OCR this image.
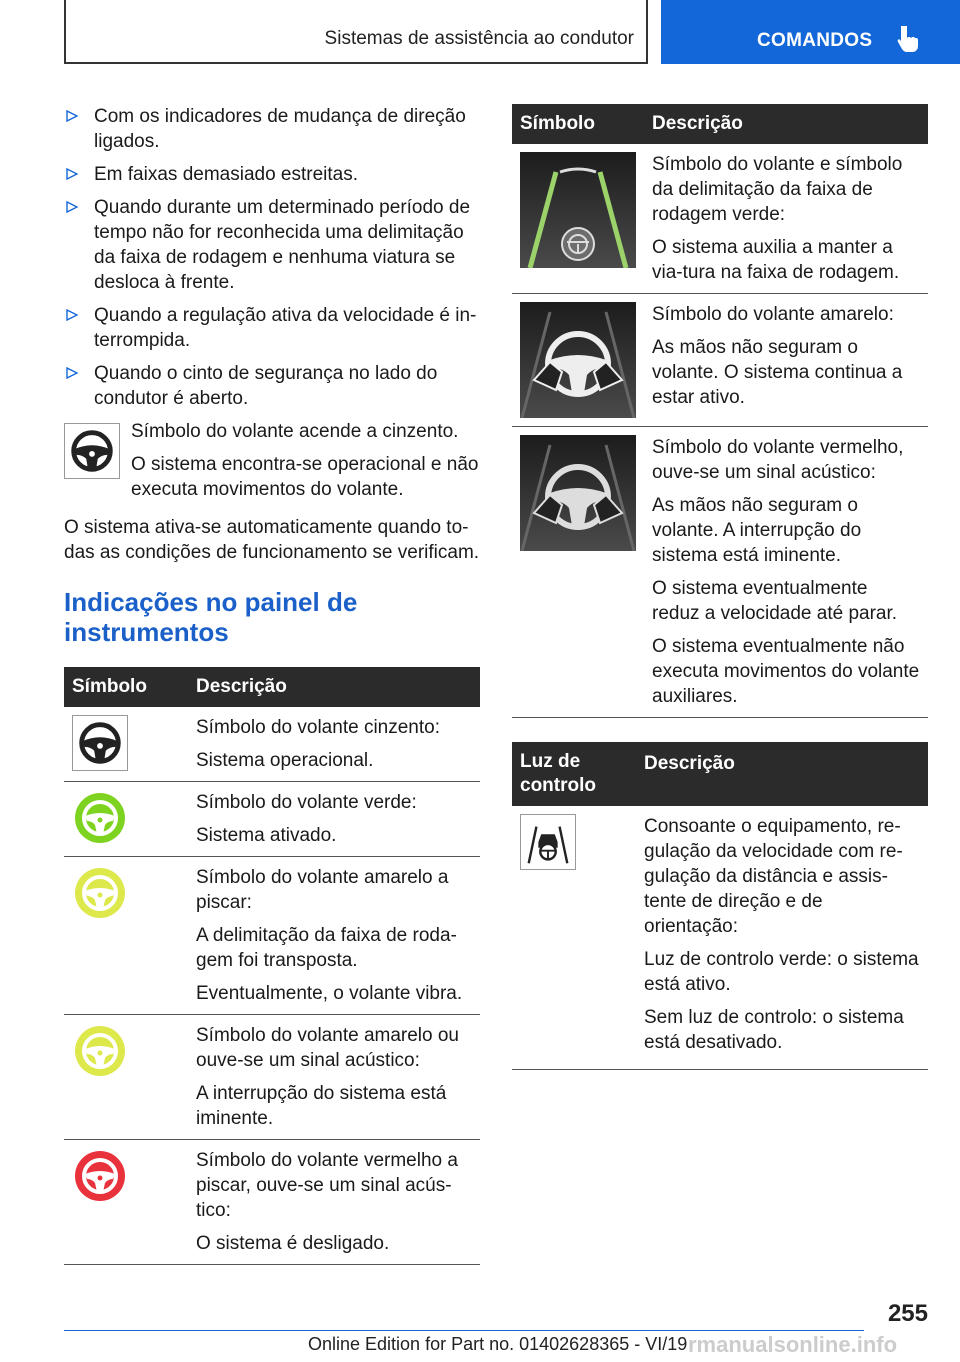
Sistemas de assistência ao condutor	COMANDOS
Com os indicadores de mudança de direção ligados.
Em faixas demasiado estreitas.
Quando durante um determinado período de tempo não for reconhecida uma delimitação da faixa de rodagem e nenhuma viatura se desloca à frente.
Quando a regulação ativa da velocidade é in-terrompida.
Quando o cinto de segurança no lado do condutor é aberto.

Símbolo do volante acende a cinzento.

O sistema encontra-se operacional e não executa movimentos do volante.

O sistema ativa-se automaticamente quando to-das as condições de funcionamento se verificam.

Indicações no painel de instrumentos
Símbolo	Descrição

Símbolo do volante cinzento:

Sistema operacional.

Símbolo do volante verde:

Sistema ativado.

Símbolo do volante amarelo a piscar:

A delimitação da faixa de roda-gem foi transposta.

Eventualmente, o volante vibra.

Símbolo do volante amarelo ou ouve-se um sinal acústico:

A interrupção do sistema está iminente.

Símbolo do volante vermelho a piscar, ouve-se um sinal acús-tico:

O sistema é desligado.

Símbolo	Descrição

Símbolo do volante e símbolo da delimitação da faixa de rodagem verde:

O sistema auxilia a manter a via-tura na faixa de rodagem.

Símbolo do volante amarelo:

As mãos não seguram o volante. O sistema continua a estar ativo.

Símbolo do volante vermelho, ouve-se um sinal acústico:

As mãos não seguram o volante. A interrupção do sistema está iminente.

O sistema eventualmente reduz a velocidade até parar.

O sistema eventualmente não executa movimentos do volante auxiliares.

Luz de controlo	Descrição

Consoante o equipamento, re-gulação da velocidade com re-gulação da distância e assis-tente de direção e de orientação:

Luz de controlo verde: o sistema está ativo.

Sem luz de controlo: o sistema está desativado.

255
Online Edition for Part no. 01402628365 - VI/19 rmanualsonline.info
